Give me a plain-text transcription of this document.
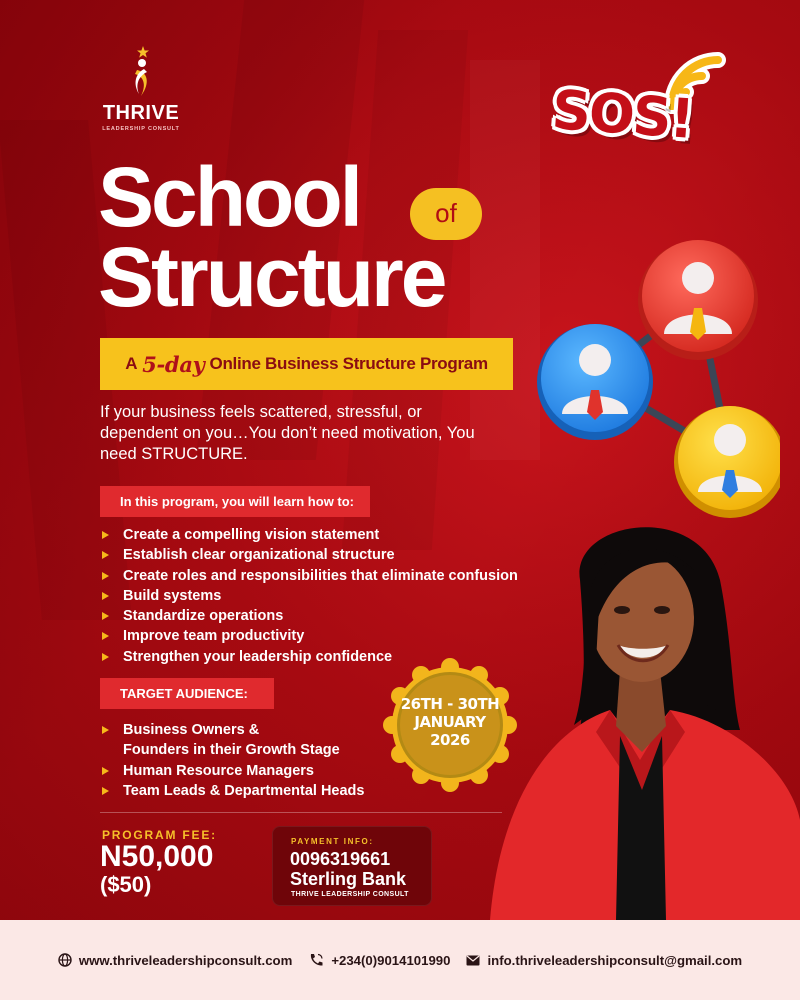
THRIVE
LEADERSHIP CONSULT	SOS!
School	of
Structure
A 5-day Online Business Structure Program

If your business feels scattered, stressful, or dependent on you…You don’t need motivation, You need STRUCTURE.

In this program, you will learn how to:
Create a compelling vision statement
Establish clear organizational structure
Create roles and responsibilities that eliminate confusion
Build systems
Standardize operations
Improve team productivity
Strengthen your leadership confidence
TARGET AUDIENCE:
Business Owners &
Founders in their Growth Stage
Human Resource Managers
Team Leads & Departmental Heads
PROGRAM FEE:
N50,000
($50)
PAYMENT INFO:
0096319661
Sterling Bank
THRIVE LEADERSHIP CONSULT
26TH - 30TH
JANUARY
2026
www.thriveleadershipconsult.com	+234(0)9014101990	info.thriveleadershipconsult@gmail.com
